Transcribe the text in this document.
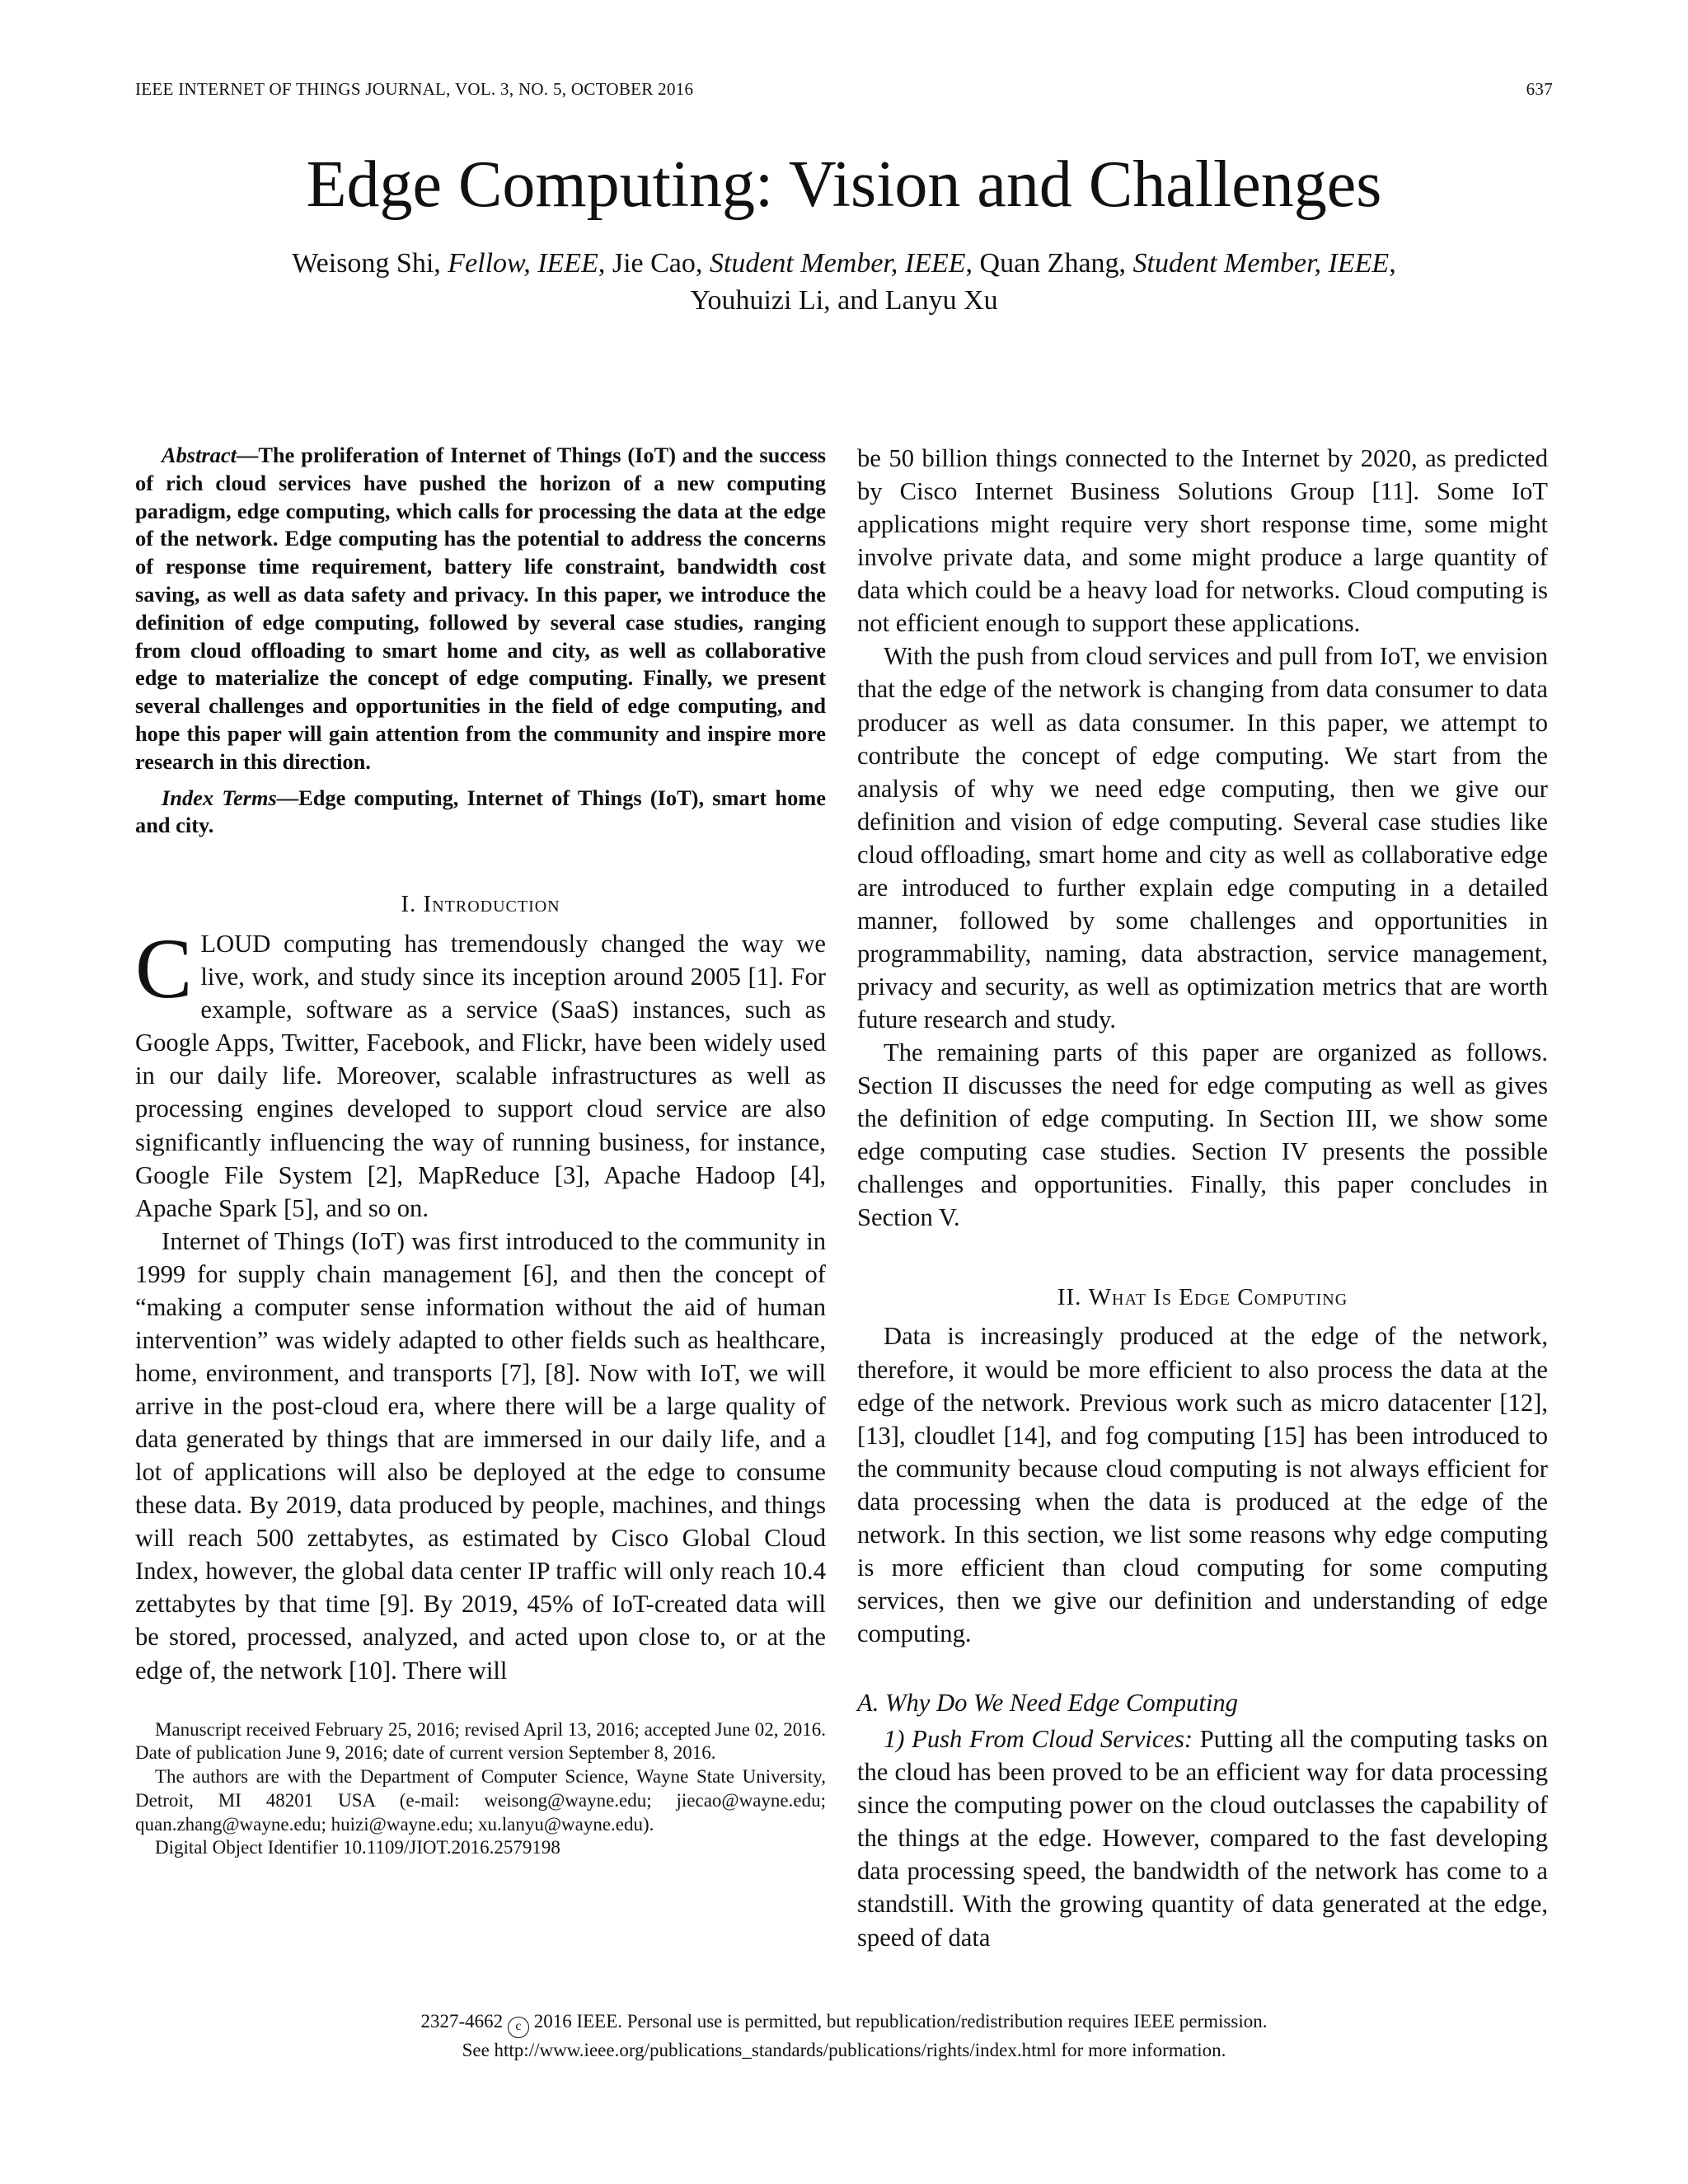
IEEE INTERNET OF THINGS JOURNAL, VOL. 3, NO. 5, OCTOBER 2016	637
Edge Computing: Vision and Challenges
Weisong Shi, Fellow, IEEE, Jie Cao, Student Member, IEEE, Quan Zhang, Student Member, IEEE,
Youhuizi Li, and Lanyu Xu

Abstract—The proliferation of Internet of Things (IoT) and the success of rich cloud services have pushed the horizon of a new computing paradigm, edge computing, which calls for processing the data at the edge of the network. Edge computing has the potential to address the concerns of response time requirement, battery life constraint, bandwidth cost saving, as well as data safety and privacy. In this paper, we introduce the definition of edge computing, followed by several case studies, ranging from cloud offloading to smart home and city, as well as collaborative edge to materialize the concept of edge computing. Finally, we present several challenges and opportunities in the field of edge computing, and hope this paper will gain attention from the community and inspire more research in this direction.

Index Terms—Edge computing, Internet of Things (IoT), smart home and city.

I. Introduction

CLOUD computing has tremendously changed the way we live, work, and study since its inception around 2005 [1]. For example, software as a service (SaaS) instances, such as Google Apps, Twitter, Facebook, and Flickr, have been widely used in our daily life. Moreover, scalable infrastructures as well as processing engines developed to support cloud service are also significantly influencing the way of running business, for instance, Google File System [2], MapReduce [3], Apache Hadoop [4], Apache Spark [5], and so on.

Internet of Things (IoT) was first introduced to the community in 1999 for supply chain management [6], and then the concept of “making a computer sense information without the aid of human intervention” was widely adapted to other fields such as healthcare, home, environment, and transports [7], [8]. Now with IoT, we will arrive in the post-cloud era, where there will be a large quality of data generated by things that are immersed in our daily life, and a lot of applications will also be deployed at the edge to consume these data. By 2019, data produced by people, machines, and things will reach 500 zettabytes, as estimated by Cisco Global Cloud Index, however, the global data center IP traffic will only reach 10.4 zettabytes by that time [9]. By 2019, 45% of IoT-created data will be stored, processed, analyzed, and acted upon close to, or at the edge of, the network [10]. There will

Manuscript received February 25, 2016; revised April 13, 2016; accepted June 02, 2016. Date of publication June 9, 2016; date of current version September 8, 2016.

The authors are with the Department of Computer Science, Wayne State University, Detroit, MI 48201 USA (e-mail: weisong@wayne.edu; jiecao@wayne.edu; quan.zhang@wayne.edu; huizi@wayne.edu; xu.lanyu@wayne.edu).

Digital Object Identifier 10.1109/JIOT.2016.2579198

be 50 billion things connected to the Internet by 2020, as predicted by Cisco Internet Business Solutions Group [11]. Some IoT applications might require very short response time, some might involve private data, and some might produce a large quantity of data which could be a heavy load for networks. Cloud computing is not efficient enough to support these applications.

With the push from cloud services and pull from IoT, we envision that the edge of the network is changing from data consumer to data producer as well as data consumer. In this paper, we attempt to contribute the concept of edge computing. We start from the analysis of why we need edge computing, then we give our definition and vision of edge computing. Several case studies like cloud offloading, smart home and city as well as collaborative edge are introduced to further explain edge computing in a detailed manner, followed by some challenges and opportunities in programmability, naming, data abstraction, service management, privacy and security, as well as optimization metrics that are worth future research and study.

The remaining parts of this paper are organized as follows. Section II discusses the need for edge computing as well as gives the definition of edge computing. In Section III, we show some edge computing case studies. Section IV presents the possible challenges and opportunities. Finally, this paper concludes in Section V.

II. What Is Edge Computing

Data is increasingly produced at the edge of the network, therefore, it would be more efficient to also process the data at the edge of the network. Previous work such as micro datacenter [12], [13], cloudlet [14], and fog computing [15] has been introduced to the community because cloud computing is not always efficient for data processing when the data is produced at the edge of the network. In this section, we list some reasons why edge computing is more efficient than cloud computing for some computing services, then we give our definition and understanding of edge computing.

A. Why Do We Need Edge Computing

1) Push From Cloud Services: Putting all the computing tasks on the cloud has been proved to be an efficient way for data processing since the computing power on the cloud outclasses the capability of the things at the edge. However, compared to the fast developing data processing speed, the bandwidth of the network has come to a standstill. With the growing quantity of data generated at the edge, speed of data

2327-4662 c 2016 IEEE. Personal use is permitted, but republication/redistribution requires IEEE permission.
See http://www.ieee.org/publications_standards/publications/rights/index.html for more information.
